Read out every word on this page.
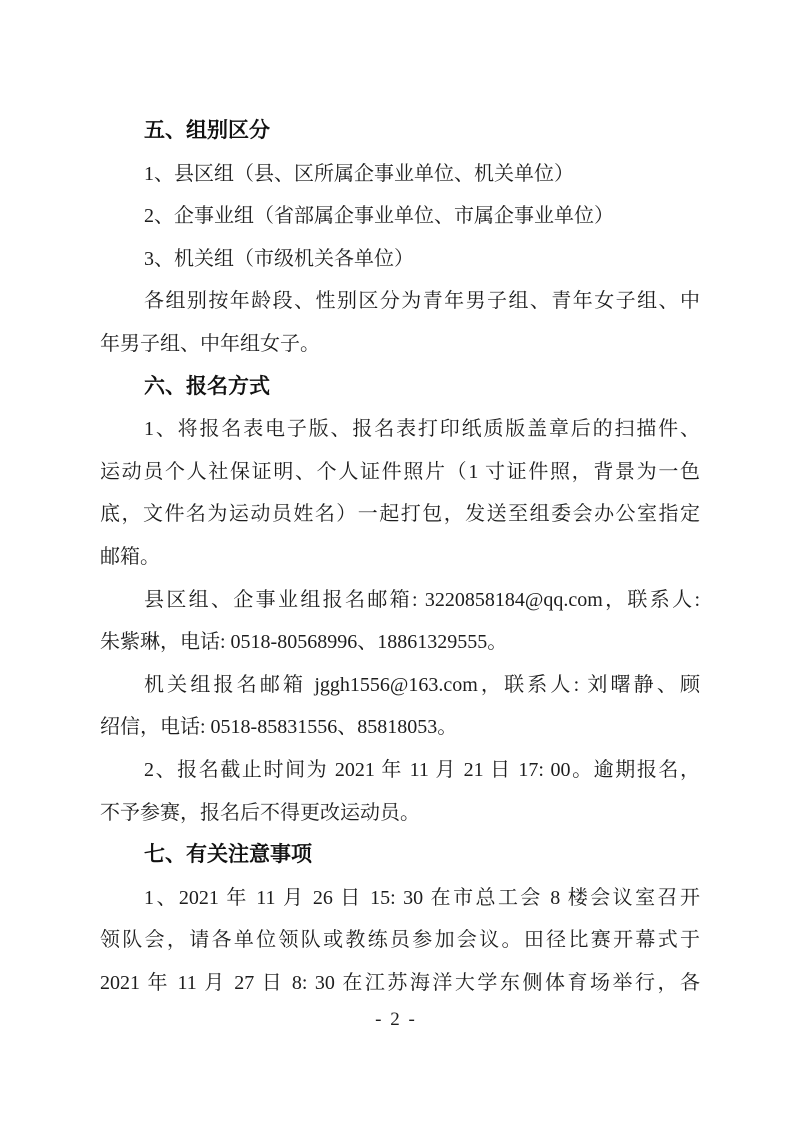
五、组别区分
1、县区组（县、区所属企事业单位、机关单位）
2、企事业组（省部属企事业单位、市属企事业单位）
3、机关组（市级机关各单位）
各组别按年龄段、性别区分为青年男子组、青年女子组、中
年男子组、中年组女子。
六、报名方式
1、将报名表电子版、报名表打印纸质版盖章后的扫描件、
运动员个人社保证明、个人证件照片（1 寸证件照，背景为一色
底，文件名为运动员姓名）一起打包，发送至组委会办公室指定
邮箱。
县区组、企事业组报名邮箱: 3220858184@qq.com，联系人:
朱紫琳，电话: 0518-80568996、18861329555。
机关组报名邮箱 jggh1556@163.com，联系人: 刘曙静、顾
绍信，电话: 0518-85831556、85818053。
2、报名截止时间为 2021 年 11 月 21 日 17: 00。逾期报名，
不予参赛，报名后不得更改运动员。
七、有关注意事项
1、2021 年 11 月 26 日 15: 30 在市总工会 8 楼会议室召开
领队会，请各单位领队或教练员参加会议。田径比赛开幕式于
2021 年 11 月 27 日 8: 30 在江苏海洋大学东侧体育场举行，各
- 2 -
